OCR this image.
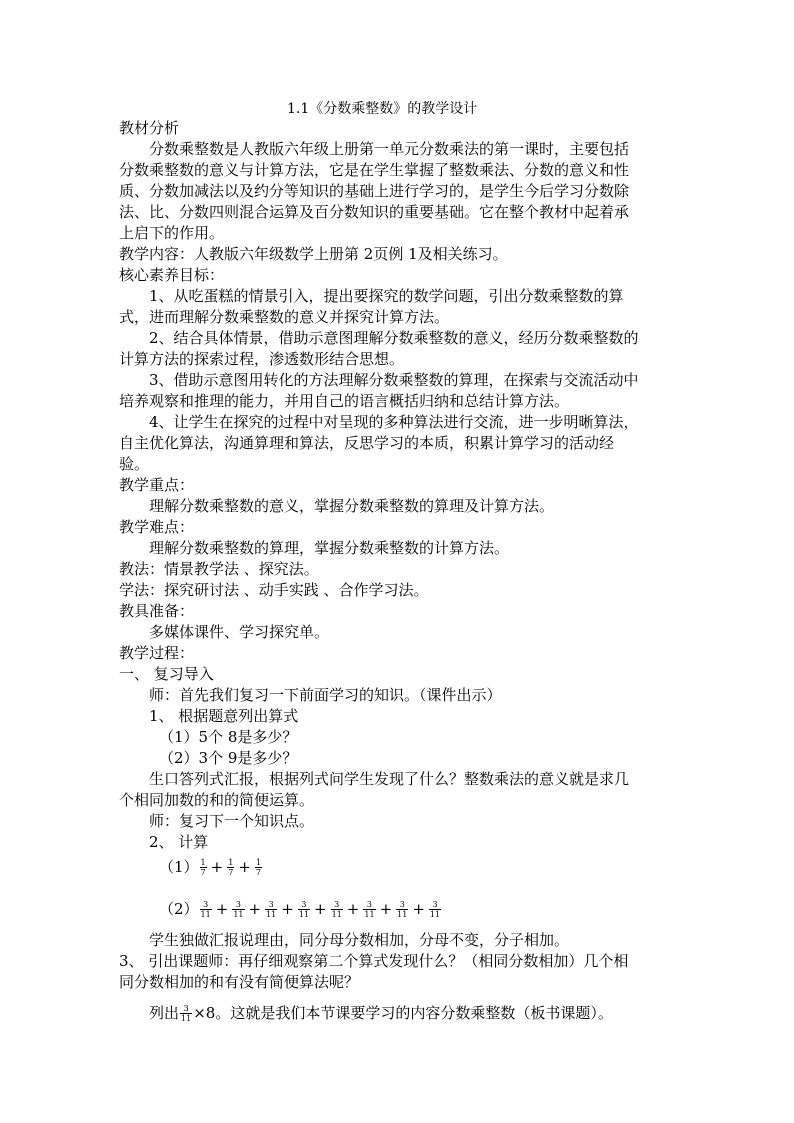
1.1《分数乘整数》的教学设计
教材分析
分数乘整数是人教版六年级上册第一单元分数乘法的第一课时，主要包括
分数乘整数的意义与计算方法，它是在学生掌握了整数乘法、分数的意义和性
质、分数加减法以及约分等知识的基础上进行学习的，是学生今后学习分数除
法、比、分数四则混合运算及百分数知识的重要基础。它在整个教材中起着承
上启下的作用。
教学内容：人教版六年级数学上册第 2页例 1及相关练习。
核心素养目标：
1、从吃蛋糕的情景引入，提出要探究的数学问题，引出分数乘整数的算
式，进而理解分数乘整数的意义并探究计算方法。
2、结合具体情景，借助示意图理解分数乘整数的意义，经历分数乘整数的
计算方法的探索过程，渗透数形结合思想。
3、借助示意图用转化的方法理解分数乘整数的算理，在探索与交流活动中
培养观察和推理的能力，并用自己的语言概括归纳和总结计算方法。
4、让学生在探究的过程中对呈现的多种算法进行交流，进一步明晰算法，
自主优化算法，沟通算理和算法，反思学习的本质，积累计算学习的活动经
验。
教学重点：
理解分数乘整数的意义，掌握分数乘整数的算理及计算方法。
教学难点：
理解分数乘整数的算理，掌握分数乘整数的计算方法。
教法：情景教学法 、探究法。
学法：探究研讨法 、动手实践 、合作学习法。
教具准备：
多媒体课件、学习探究单。
教学过程：
一、 复习导入
师：首先我们复习一下前面学习的知识。（课件出示）
1、 根据题意列出算式
（1）5个 8是多少？
（2）3个 9是多少？
生口答列式汇报，根据列式问学生发现了什么？整数乘法的意义就是求几
个相同加数的和的简便运算。
师：复习下一个知识点。
2、 计算
$(1) \frac{1}{7} + \frac{1}{7} + \frac{1}{7}$
$(2) \frac{3}{11} + \frac{3}{11} + \frac{3}{11} + \frac{3}{11} + \frac{3}{11} + \frac{3}{11} + \frac{3}{11} + \frac{3}{11}$
学生独做汇报说理由，同分母分数相加，分母不变，分子相加。
3、 引出课题师：再仔细观察第二个算式发现什么？（相同分数相加）几个相
同分数相加的和有没有简便算法呢？
列出 $\frac{3}{11} \times 8$。这就是我们本节课要学习的内容分数乘整数（板书课题）。
